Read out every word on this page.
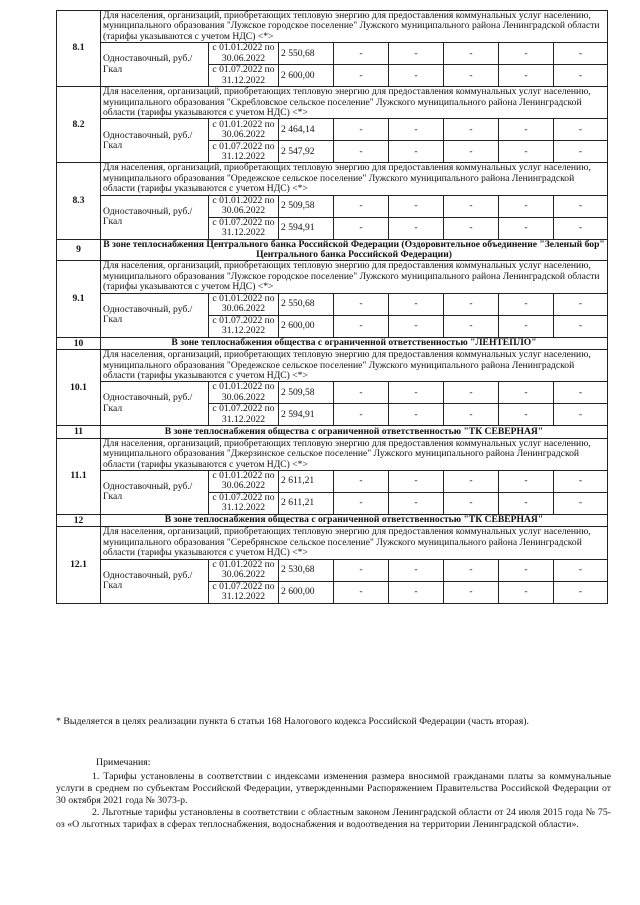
8.1	Для населения, организаций, приобретающих тепловую энергию для предоставления коммунальных услуг населению, муниципального образования "Лужское городское поселение" Лужского муниципального района Ленинградской области (тарифы указываются с учетом НДС) <*>							
	Одноставочный, руб./Гкал	с 01.01.2022 по 30.06.2022	2 550,68	-	-	-	-	-
		с 01.07.2022 по 31.12.2022	2 600,00	-	-	-	-	-
8.2	Для населения, организаций, приобретающих тепловую энергию для предоставления коммунальных услуг населению, муниципального образования "Скребловское сельское поселение" Лужского муниципального района Ленинградской области (тарифы указываются с учетом НДС) <*>							
	Одноставочный, руб./Гкал	с 01.01.2022 по 30.06.2022	2 464,14	-	-	-	-	-
		с 01.07.2022 по 31.12.2022	2 547,92	-	-	-	-	-
8.3	Для населения, организаций, приобретающих тепловую энергию для предоставления коммунальных услуг населению, муниципального образования "Оредежское сельское поселение" Лужского муниципального района Ленинградской области (тарифы указываются с учетом НДС) <*>							
	Одноставочный, руб./Гкал	с 01.01.2022 по 30.06.2022	2 509,58	-	-	-	-	-
		с 01.07.2022 по 31.12.2022	2 594,91	-	-	-	-	-
9	В зоне теплоснабжения Центрального банка Российской Федерации (Оздоровительное объединение "Зеленый бор" Центрального банка Российской Федерации)							
9.1	Для населения, организаций, приобретающих тепловую энергию для предоставления коммунальных услуг населению, муниципального образования "Лужское городское поселение" Лужского муниципального района Ленинградской области (тарифы указываются с учетом НДС) <*>							
	Одноставочный, руб./Гкал	с 01.01.2022 по 30.06.2022	2 550,68	-	-	-	-	-
		с 01.07.2022 по 31.12.2022	2 600,00	-	-	-	-	-
10	В зоне теплоснабжения общества с ограниченной ответственностью "ЛЕНТЕПЛО"							
10.1	Для населения, организаций, приобретающих тепловую энергию для предоставления коммунальных услуг населению, муниципального образования "Оредежское сельское поселение" Лужского муниципального района Ленинградской области (тарифы указываются с учетом НДС) <*>							
	Одноставочный, руб./Гкал	с 01.01.2022 по 30.06.2022	2 509,58	-	-	-	-	-
		с 01.07.2022 по 31.12.2022	2 594,91	-	-	-	-	-
11	В зоне теплоснабжения общества с ограниченной ответственностью "ТК СЕВЕРНАЯ"							
11.1	Для населения, организаций, приобретающих тепловую энергию для предоставления коммунальных услуг населению, муниципального образования "Джерзинское сельское поселение" Лужского муниципального района Ленинградской области (тарифы указываются с учетом НДС) <*>							
	Одноставочный, руб./Гкал	с 01.01.2022 по 30.06.2022	2 611,21	-	-	-	-	-
		с 01.07.2022 по 31.12.2022	2 611,21	-	-	-	-	-
12	В зоне теплоснабжения общества с ограниченной ответственностью "ТК СЕВЕРНАЯ"							
12.1	Для населения, организаций, приобретающих тепловую энергию для предоставления коммунальных услуг населению, муниципального образования "Серебрянское сельское поселение" Лужского муниципального района Ленинградской области (тарифы указываются с учетом НДС) <*>							
	Одноставочный, руб./Гкал	с 01.01.2022 по 30.06.2022	2 530,68	-	-	-	-	-
		с 01.07.2022 по 31.12.2022	2 600,00	-	-	-	-	-
* Выделяется в целях реализации пункта 6 статьи 168 Налогового кодекса Российской Федерации (часть вторая).
Примечания:
1. Тарифы установлены в соответствии с индексами изменения размера вносимой гражданами платы за коммунальные услуги в среднем по субъектам Российской Федерации, утвержденными Распоряжением Правительства Российской Федерации от 30 октября 2021 года № 3073-р.
2. Льготные тарифы установлены в соответствии с областным законом Ленинградской области от 24 июля 2015 года № 75-оз «О льготных тарифах в сферах теплоснабжения, водоснабжения и водоотведения на территории Ленинградской области».
